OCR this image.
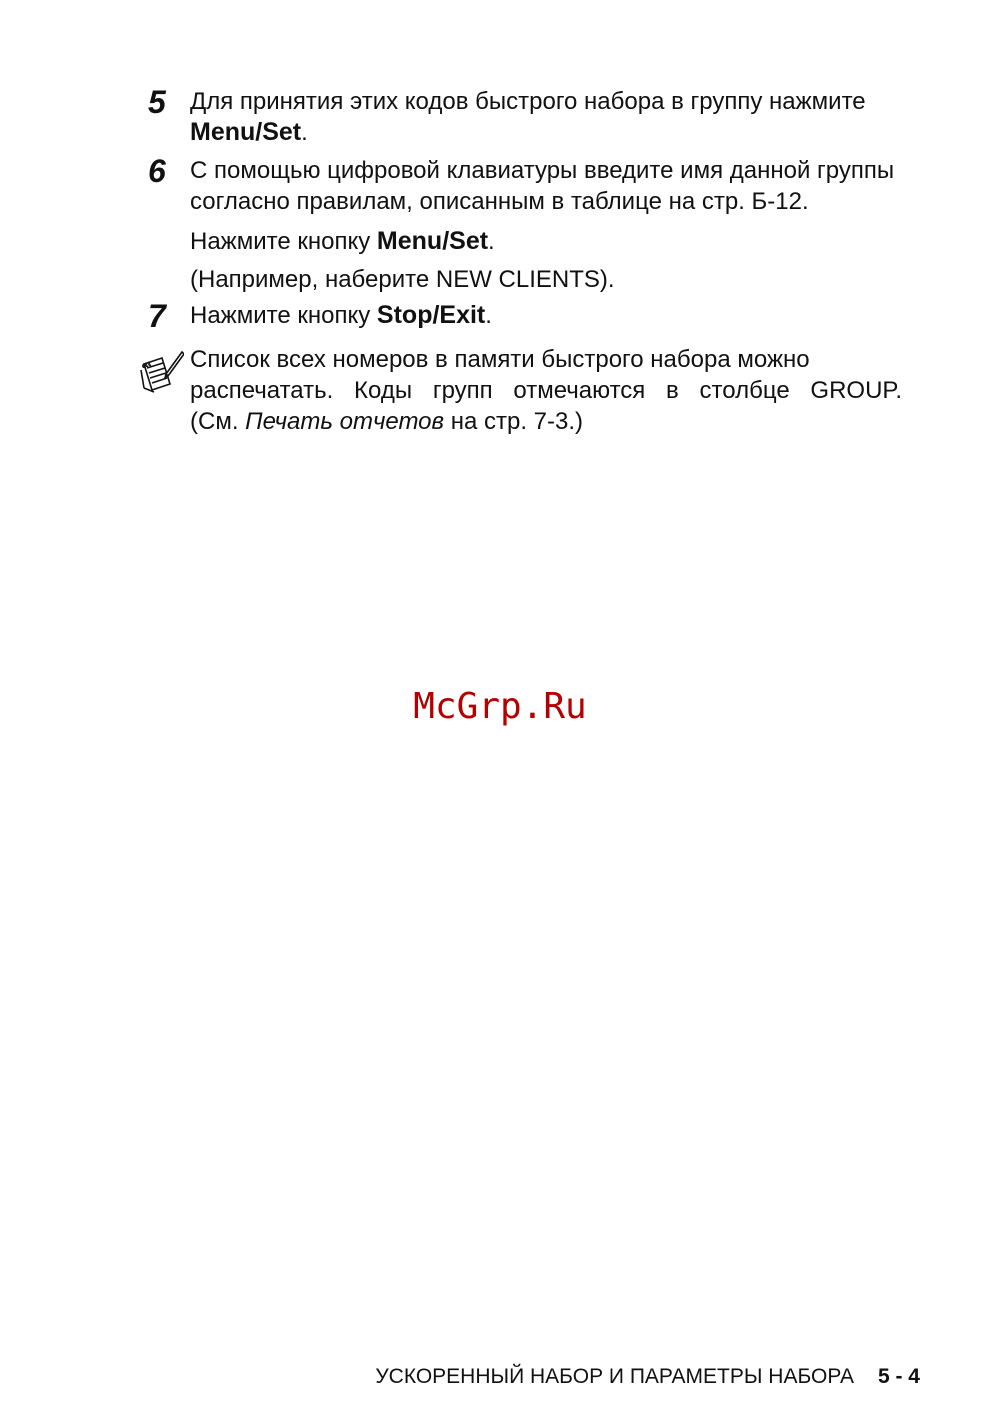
5	Для принятия этих кодов быстрого набора в группу нажмите
Menu/Set.
6	С помощью цифровой клавиатуры введите имя данной группы
согласно правилам, описанным в таблице на стр. Б-12.
Нажмите кнопку Menu/Set.
(Например, наберите NEW CLIENTS).
7	Нажмите кнопку Stop/Exit.
Список всех номеров в памяти быстрого набора можно
распечатать. Коды групп отмечаются в столбце GROUP.
(См. Печать отчетов на стр. 7-3.)
McGrp.Ru
УСКОРЕННЫЙ НАБОР И ПАРАМЕТРЫ НАБОРА 5 - 4
